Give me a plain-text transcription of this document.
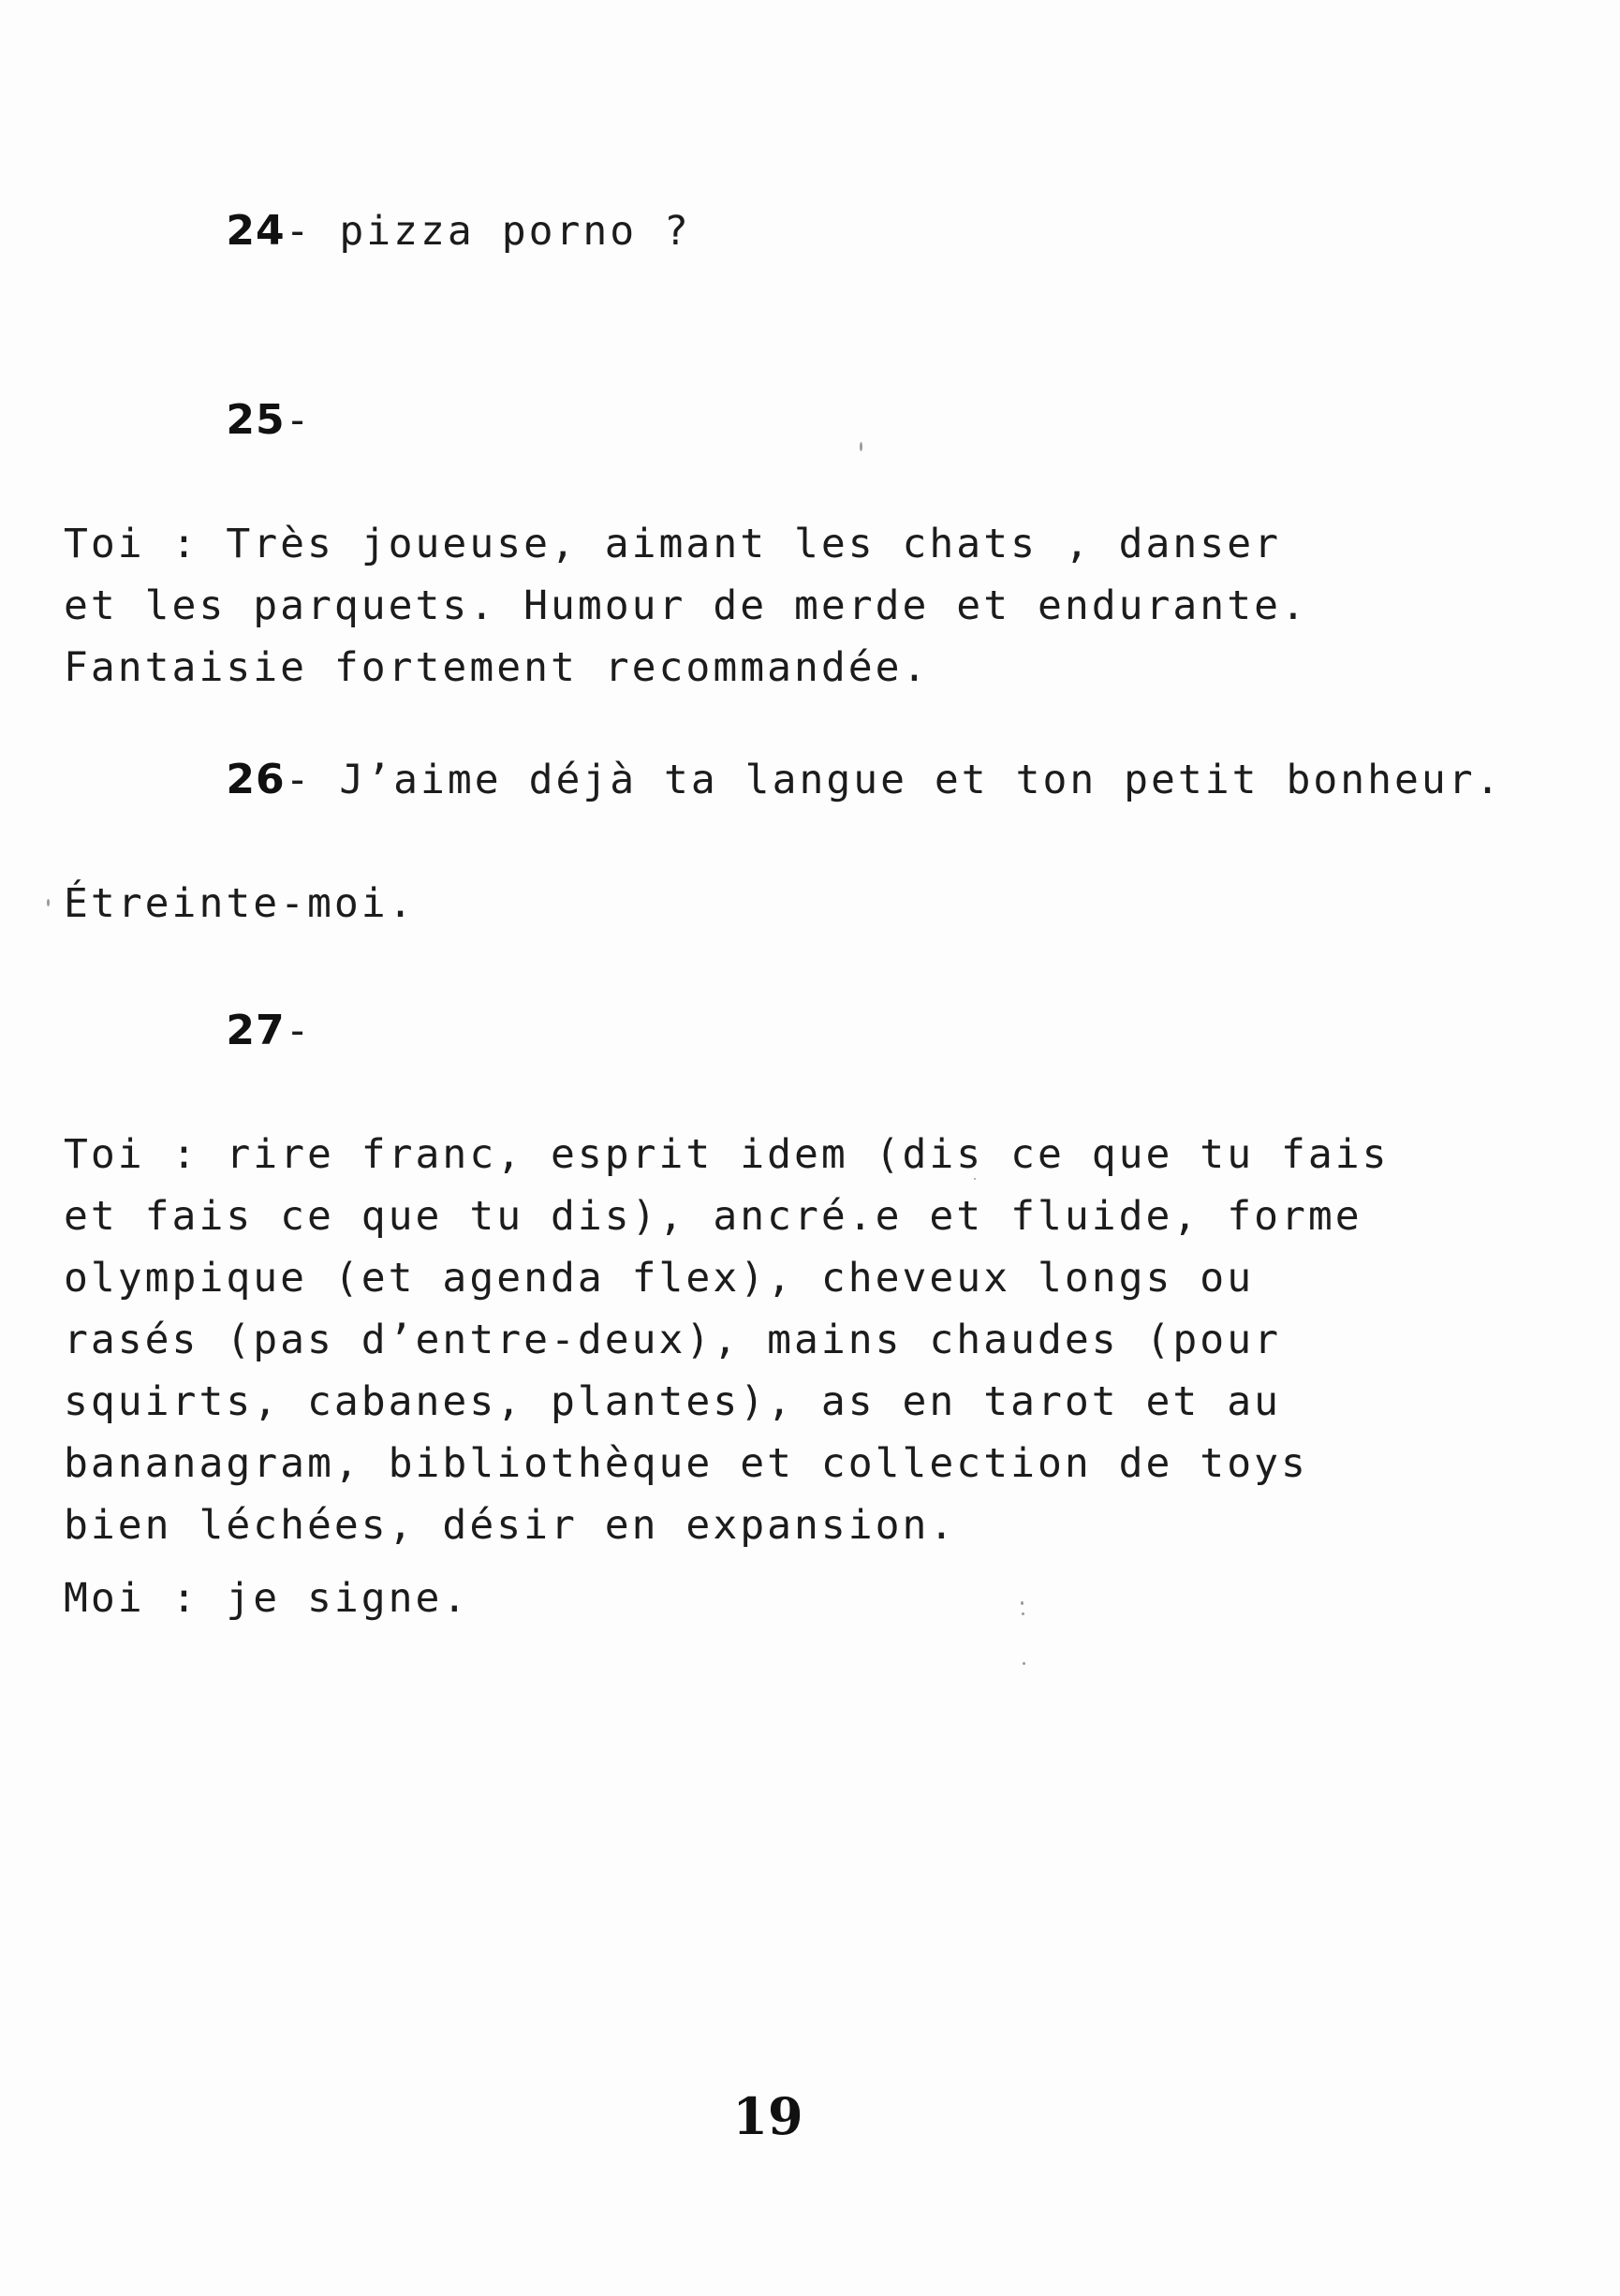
24- pizza porno ?

25-

Toi : Très joueuse, aimant les chats , danser
et les parquets. Humour de merde et endurante.
Fantaisie fortement recommandée.

26- J’aime déjà ta langue et ton petit bonheur.

Étreinte-moi.

27-

Toi : rire franc, esprit idem (dis ce que tu fais
et fais ce que tu dis), ancré.e et fluide, forme
olympique (et agenda flex), cheveux longs ou
rasés (pas d’entre-deux), mains chaudes (pour
squirts, cabanes, plantes), as en tarot et au
bananagram, bibliothèque et collection de toys
bien léchées, désir en expansion.
Moi : je signe.
19
